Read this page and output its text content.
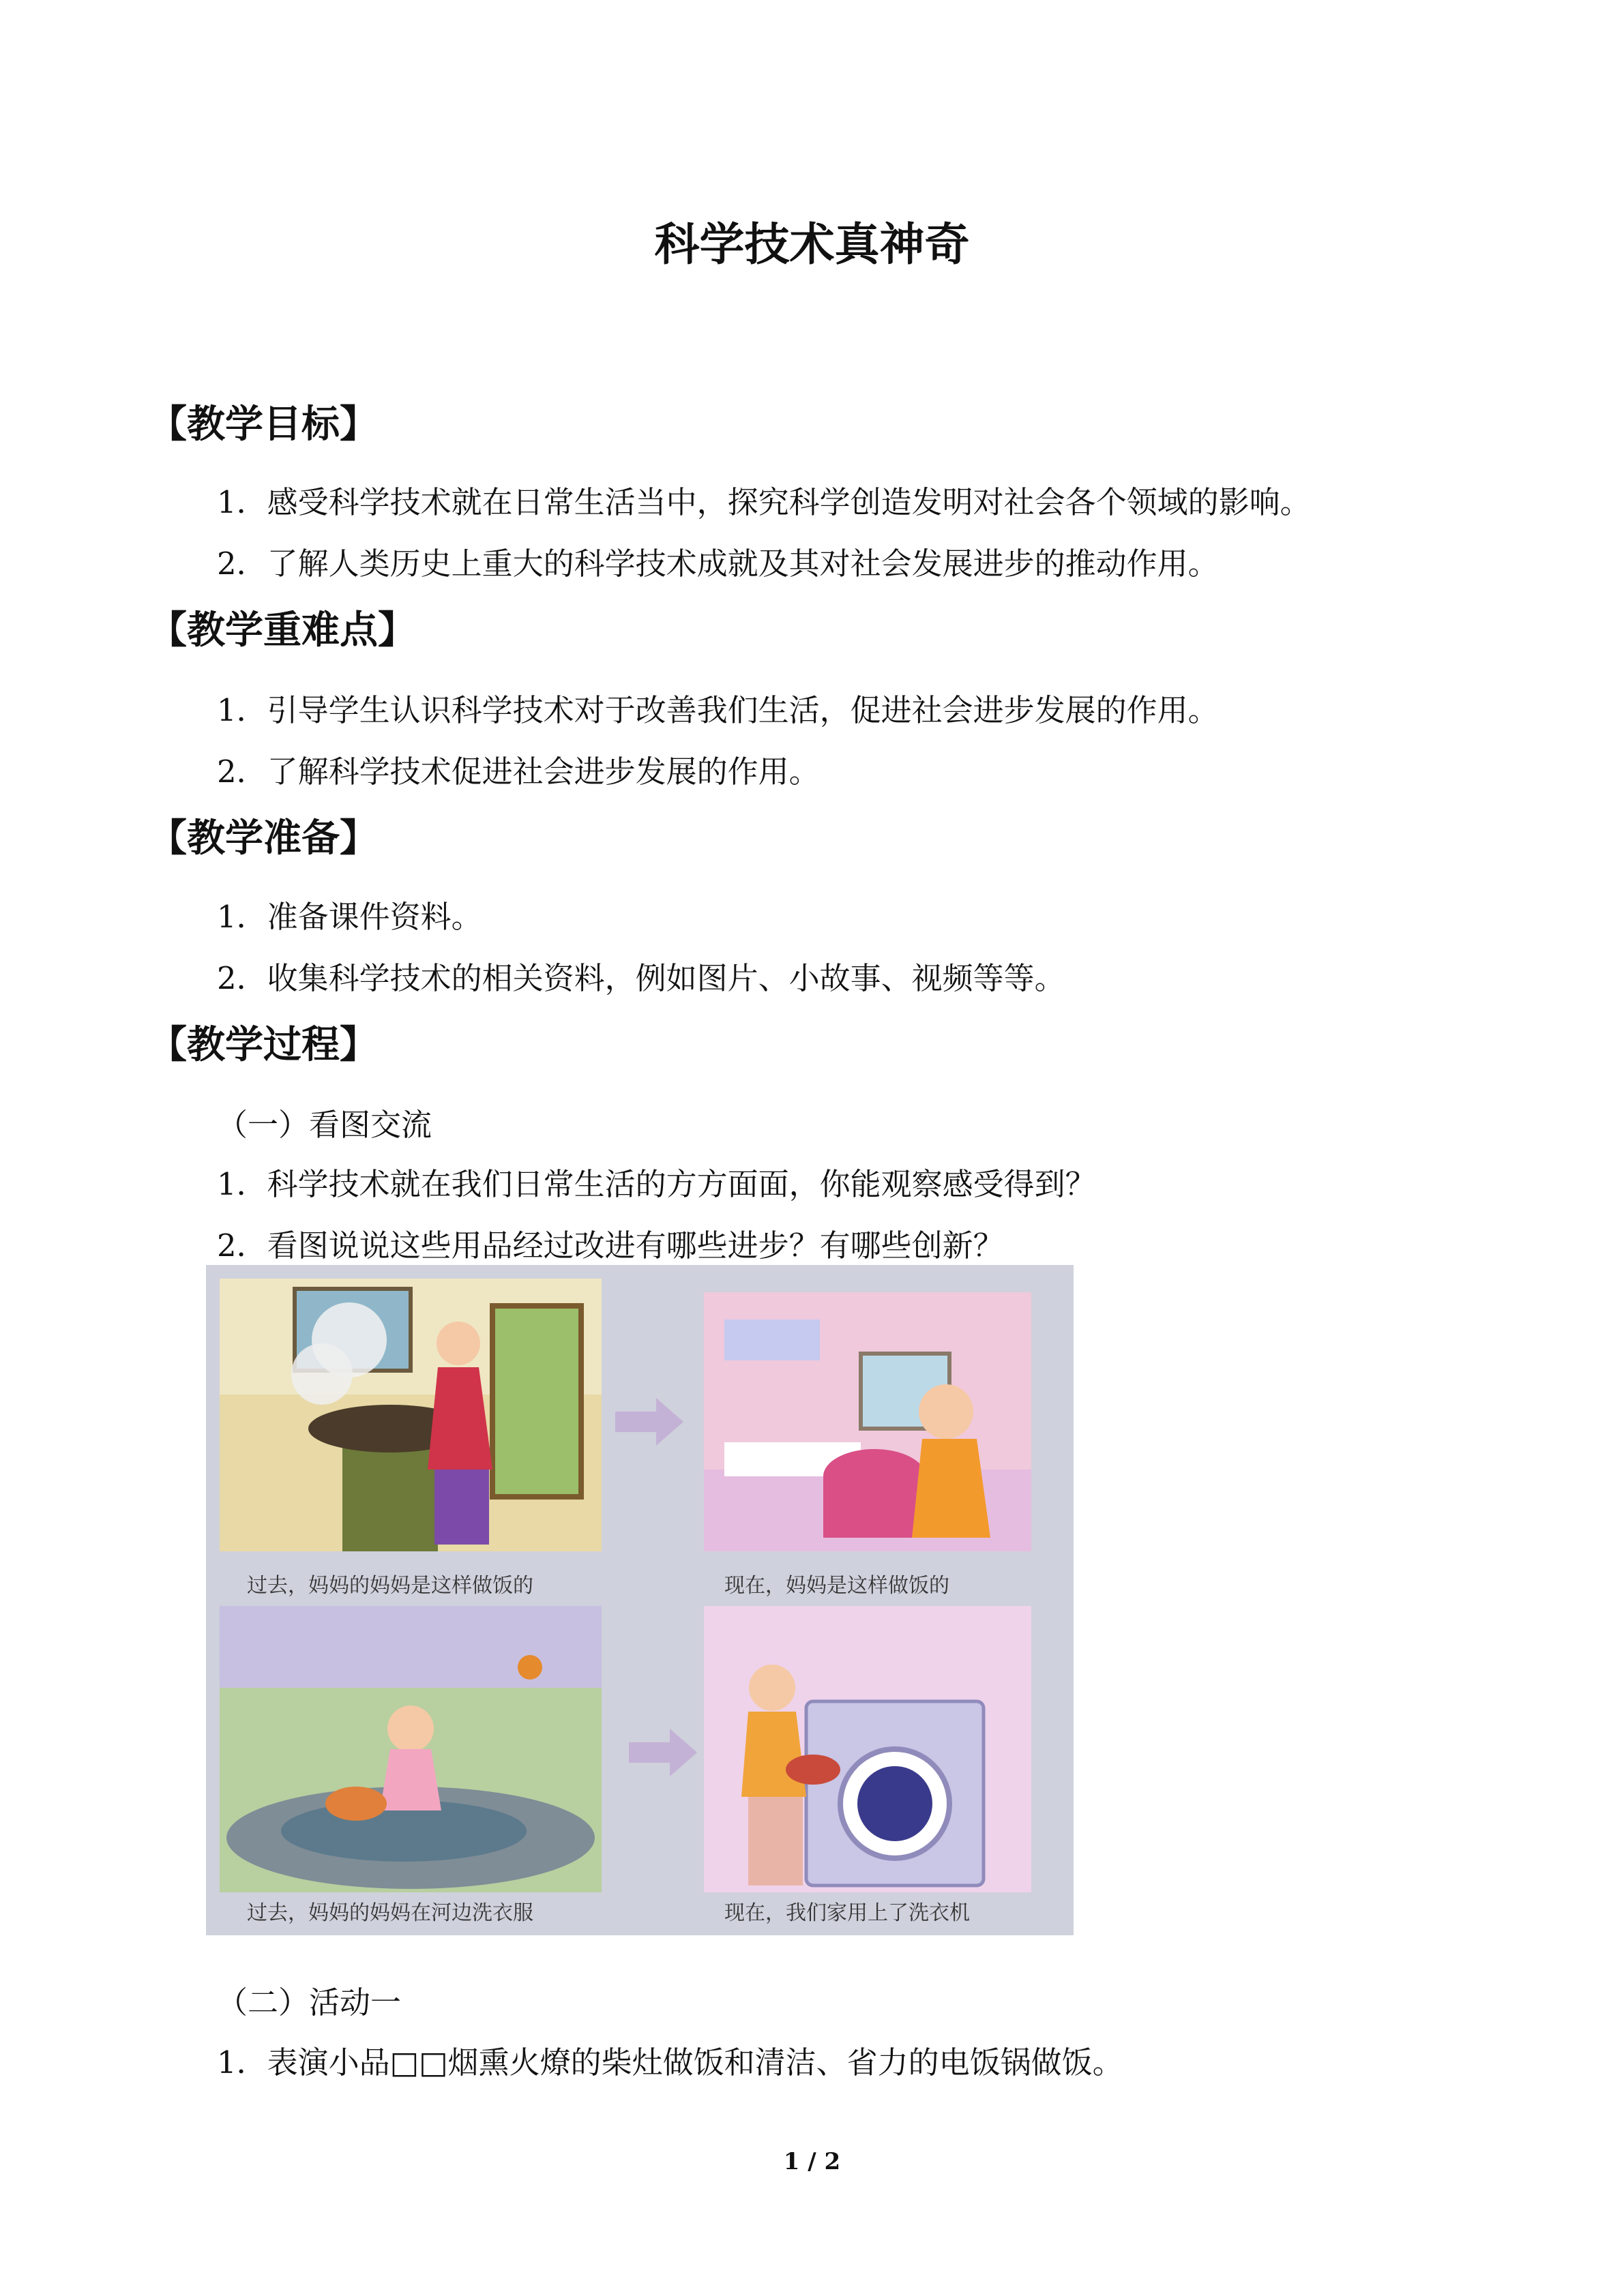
科学技术真神奇
【教学目标】
1．感受科学技术就在日常生活当中，探究科学创造发明对社会各个领域的影响。
2．了解人类历史上重大的科学技术成就及其对社会发展进步的推动作用。
【教学重难点】
1．引导学生认识科学技术对于改善我们生活，促进社会进步发展的作用。
2．了解科学技术促进社会进步发展的作用。
【教学准备】
1．准备课件资料。
2．收集科学技术的相关资料，例如图片、小故事、视频等等。
【教学过程】
（一）看图交流
1．科学技术就在我们日常生活的方方面面，你能观察感受得到？
2．看图说说这些用品经过改进有哪些进步？有哪些创新？
过去，妈妈的妈妈是这样做饭的	现在，妈妈是这样做饭的
过去，妈妈的妈妈在河边洗衣服	现在，我们家用上了洗衣机
（二）活动一
1．表演小品□□烟熏火燎的柴灶做饭和清洁、省力的电饭锅做饭。
1 / 2
